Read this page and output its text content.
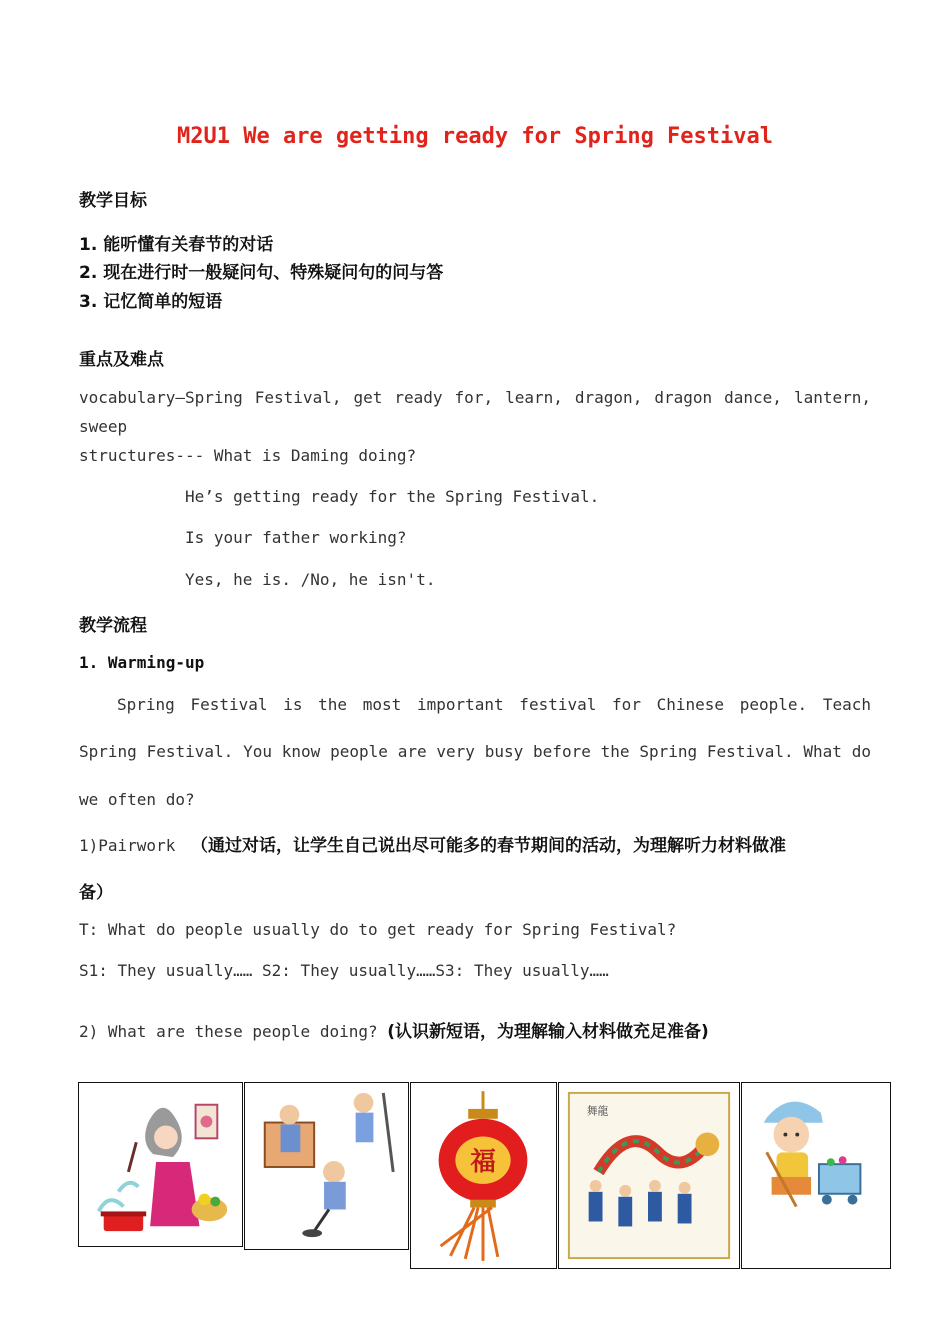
M2U1 We are getting ready for Spring Festival
教学目标
1. 能听懂有关春节的对话
2. 现在进行时一般疑问句、特殊疑问句的问与答
3. 记忆简单的短语
重点及难点
vocabulary—Spring Festival, get ready for, learn, dragon, dragon dance, lantern,
sweep
structures--- What is Daming doing?
He’s getting ready for the Spring Festival.
Is your father working?
Yes, he is. /No, he isn't.
教学流程
1. Warming-up
Spring Festival is the most important festival for Chinese people. Teach
Spring Festival. You know people are very busy before the Spring Festival. What do
we often do?
1)Pairwork （通过对话，让学生自己说出尽可能多的春节期间的活动，为理解听力材料做准
备）
T: What do people usually do to get ready for Spring Festival?
S1: They usually…… S2: They usually……S3: They usually……
2) What are these people doing? (认识新短语，为理解输入材料做充足准备)
福
舞龍
